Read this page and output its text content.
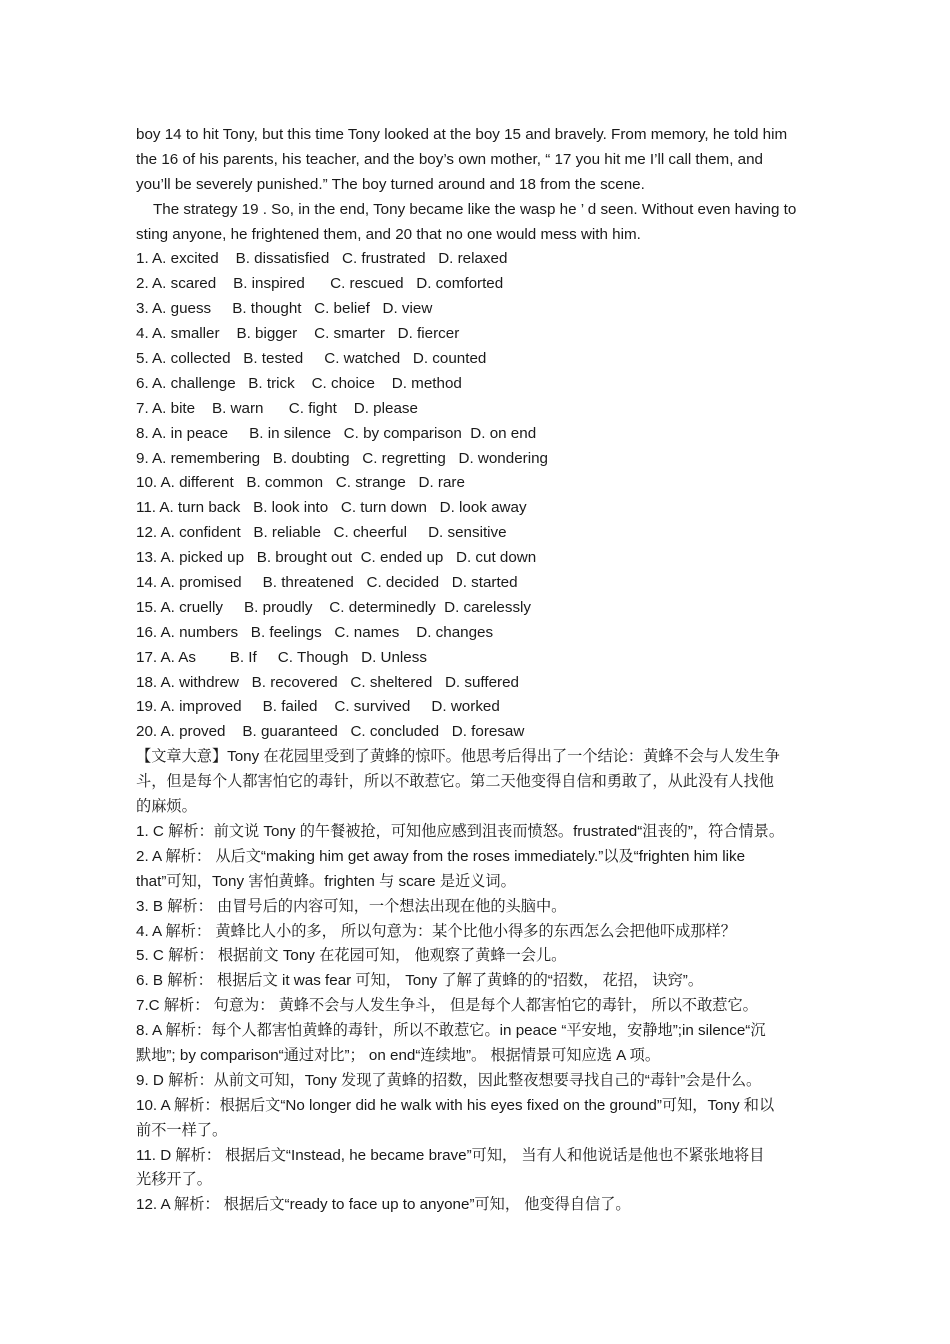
boy 14 to hit Tony, but this time Tony looked at the boy 15 and bravely. From memory, he told him
the 16 of his parents, his teacher, and the boy’s own mother, “ 17 you hit me I’ll call them, and
you’ll be severely punished.” The boy turned around and 18 from the scene.
The strategy 19 . So, in the end, Tony became like the wasp he ’ d seen. Without even having to
sting anyone, he frightened them, and 20 that no one would mess with him.
1. A. excited    B. dissatisfied   C. frustrated   D. relaxed
2. A. scared    B. inspired      C. rescued   D. comforted
3. A. guess     B. thought   C. belief   D. view
4. A. smaller    B. bigger    C. smarter   D. fiercer
5. A. collected   B. tested     C. watched   D. counted
6. A. challenge   B. trick    C. choice    D. method
7. A. bite    B. warn      C. fight    D. please
8. A. in peace     B. in silence   C. by comparison  D. on end
9. A. remembering   B. doubting   C. regretting   D. wondering
10. A. different   B. common   C. strange   D. rare
11. A. turn back   B. look into   C. turn down   D. look away
12. A. confident   B. reliable   C. cheerful     D. sensitive
13. A. picked up   B. brought out  C. ended up   D. cut down
14. A. promised     B. threatened   C. decided   D. started
15. A. cruelly     B. proudly    C. determinedly  D. carelessly
16. A. numbers   B. feelings   C. names    D. changes
17. A. As        B. If     C. Though   D. Unless
18. A. withdrew   B. recovered   C. sheltered   D. suffered
19. A. improved     B. failed    C. survived     D. worked
20. A. proved    B. guaranteed   C. concluded   D. foresaw
【文章大意】Tony 在花园里受到了黄蜂的惊吓。他思考后得出了一个结论：黄蜂不会与人发生争
斗，但是每个人都害怕它的毒针，所以不敢惹它。第二天他变得自信和勇敢了，从此没有人找他
的麻烦。
1. C 解析：前文说 Tony 的午餐被抢，可知他应感到沮丧而愤怒。frustrated“沮丧的”，符合情景。
2. A 解析： 从后文“making him get away from the roses immediately.”以及“frighten him like
that”可知，Tony 害怕黄蜂。frighten 与 scare 是近义词。
3. B 解析： 由冒号后的内容可知，一个想法出现在他的头脑中。
4. A 解析： 黄蜂比人小的多， 所以句意为：某个比他小得多的东西怎么会把他吓成那样？
5. C 解析： 根据前文 Tony 在花园可知， 他观察了黄蜂一会儿。
6. B 解析： 根据后文 it was fear 可知， Tony 了解了黄蜂的的“招数， 花招， 诀窍”。
7.C 解析： 句意为： 黄蜂不会与人发生争斗， 但是每个人都害怕它的毒针， 所以不敢惹它。
8. A 解析：每个人都害怕黄蜂的毒针，所以不敢惹它。in peace “平安地，安静地”;in silence“沉
默地”; by comparison“通过对比”； on end“连续地”。 根据情景可知应选 A 项。
9. D 解析：从前文可知，Tony 发现了黄蜂的招数，因此整夜想要寻找自己的“毒针”会是什么。
10. A 解析：根据后文“No longer did he walk with his eyes fixed on the ground”可知，Tony 和以
前不一样了。
11. D 解析： 根据后文“Instead, he became brave”可知， 当有人和他说话是他也不紧张地将目
光移开了。
12. A 解析： 根据后文“ready to face up to anyone”可知， 他变得自信了。
